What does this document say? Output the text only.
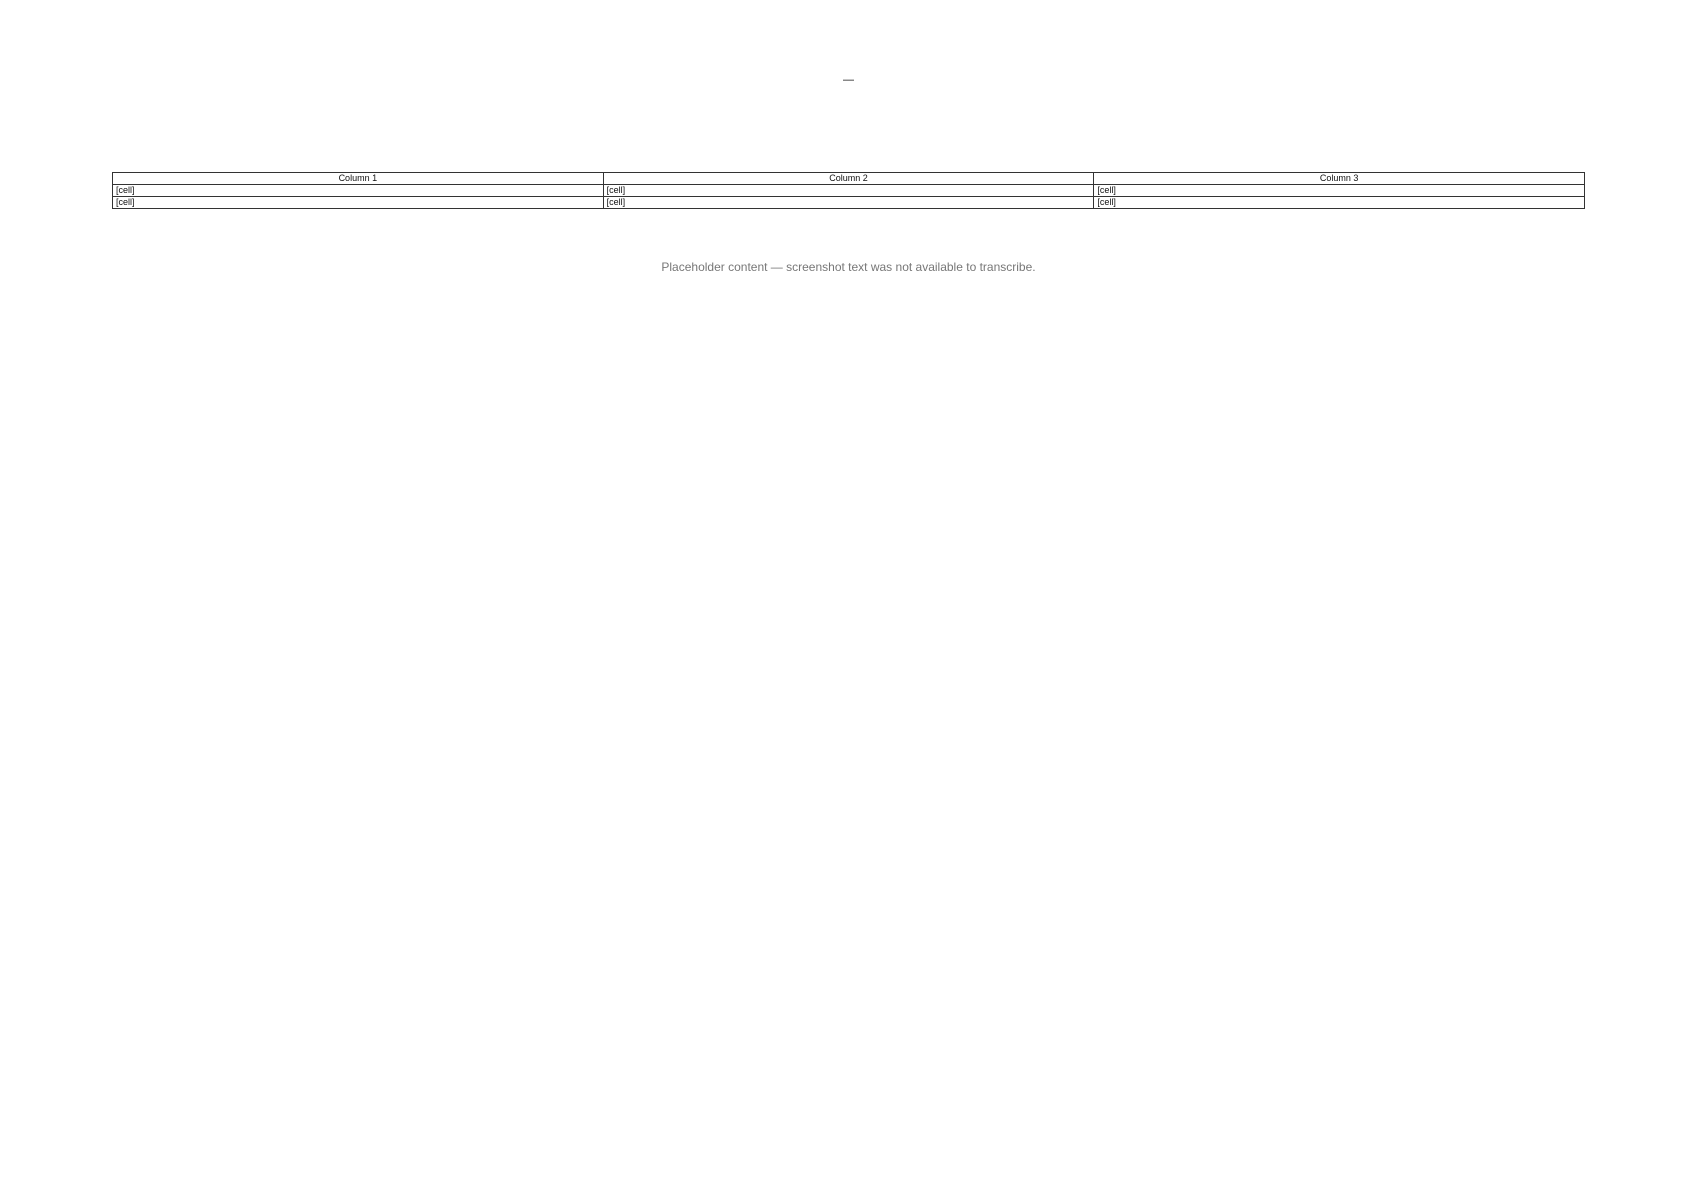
—
Column 1	Column 2	Column 3
[cell]	[cell]	[cell]
[cell]	[cell]	[cell]
Placeholder content — screenshot text was not available to transcribe.
